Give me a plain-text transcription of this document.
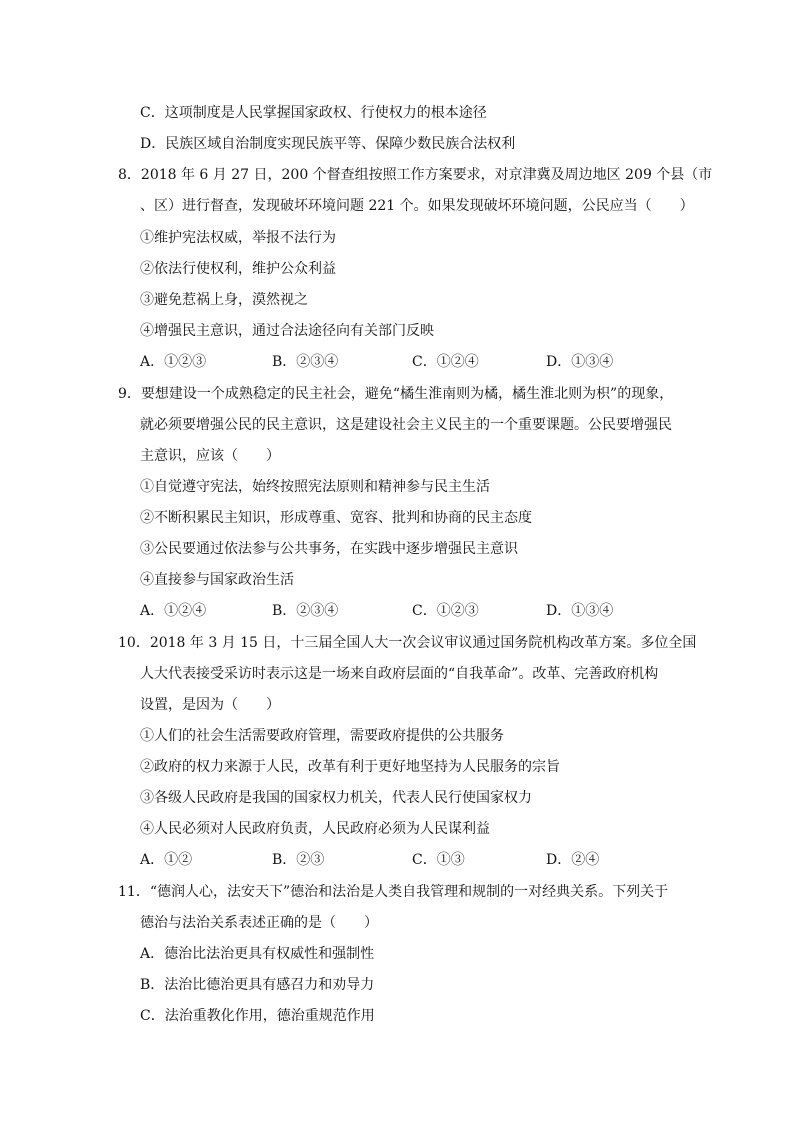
C．这项制度是人民掌握国家政权、行使权力的根本途径
D．民族区域自治制度实现民族平等、保障少数民族合法权利
8．2018 年 6 月 27 日，200 个督查组按照工作方案要求，对京津冀及周边地区 209 个县（市
、区）进行督查，发现破坏环境问题 221 个。如果发现破坏环境问题，公民应当（　　）
①维护宪法权威，举报不法行为
②依法行使权利，维护公众利益
③避免惹祸上身，漠然视之
④增强民主意识，通过合法途径向有关部门反映
A．①②③	B．②③④	C．①②④	D．①③④
9．要想建设一个成熟稳定的民主社会，避免“橘生淮南则为橘，橘生淮北则为枳”的现象，
就必须要增强公民的民主意识，这是建设社会主义民主的一个重要课题。公民要增强民
主意识，应该（　　）
①自觉遵守宪法，始终按照宪法原则和精神参与民主生活
②不断积累民主知识，形成尊重、宽容、批判和协商的民主态度
③公民要通过依法参与公共事务，在实践中逐步增强民主意识
④直接参与国家政治生活
A．①②④	B．②③④	C．①②③	D．①③④
10．2018 年 3 月 15 日，十三届全国人大一次会议审议通过国务院机构改革方案。多位全国
人大代表接受采访时表示这是一场来自政府层面的“自我革命”。改革、完善政府机构
设置，是因为（　　）
①人们的社会生活需要政府管理，需要政府提供的公共服务
②政府的权力来源于人民，改革有利于更好地坚持为人民服务的宗旨
③各级人民政府是我国的国家权力机关，代表人民行使国家权力
④人民必须对人民政府负责，人民政府必须为人民谋利益
A．①②	B．②③	C．①③	D．②④
11．“德润人心，法安天下”德治和法治是人类自我管理和规制的一对经典关系。下列关于
德治与法治关系表述正确的是（　　）
A．德治比法治更具有权威性和强制性
B．法治比德治更具有感召力和劝导力
C．法治重教化作用，德治重规范作用
